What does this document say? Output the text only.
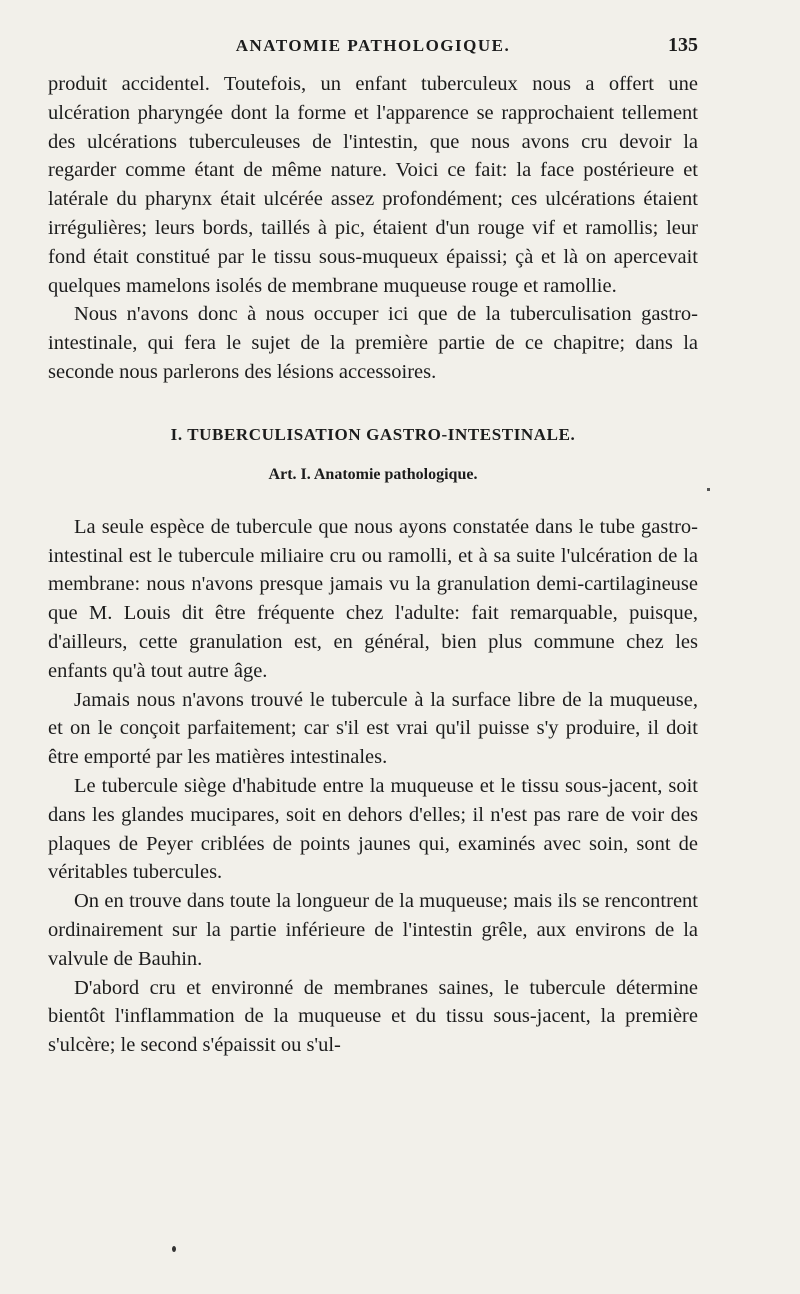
ANATOMIE PATHOLOGIQUE.	135

produit accidentel. Toutefois, un enfant tuberculeux nous a offert une ulcération pharyngée dont la forme et l'apparence se rapprochaient tellement des ulcérations tuberculeuses de l'intestin, que nous avons cru devoir la regarder comme étant de même nature. Voici ce fait: la face postérieure et latérale du pharynx était ulcérée assez profondément; ces ulcérations étaient irrégulières; leurs bords, taillés à pic, étaient d'un rouge vif et ramollis; leur fond était constitué par le tissu sous-muqueux épaissi; çà et là on apercevait quelques mamelons isolés de membrane muqueuse rouge et ramollie.

Nous n'avons donc à nous occuper ici que de la tuberculisation gastro-intestinale, qui fera le sujet de la première partie de ce chapitre; dans la seconde nous parlerons des lésions accessoires.

I. TUBERCULISATION GASTRO-INTESTINALE.
Art. I. Anatomie pathologique.

La seule espèce de tubercule que nous ayons constatée dans le tube gastro-intestinal est le tubercule miliaire cru ou ramolli, et à sa suite l'ulcération de la membrane: nous n'avons presque jamais vu la granulation demi-cartilagineuse que M. Louis dit être fréquente chez l'adulte: fait remarquable, puisque, d'ailleurs, cette granulation est, en général, bien plus commune chez les enfants qu'à tout autre âge.

Jamais nous n'avons trouvé le tubercule à la surface libre de la muqueuse, et on le conçoit parfaitement; car s'il est vrai qu'il puisse s'y produire, il doit être emporté par les matières intestinales.

Le tubercule siège d'habitude entre la muqueuse et le tissu sous-jacent, soit dans les glandes mucipares, soit en dehors d'elles; il n'est pas rare de voir des plaques de Peyer criblées de points jaunes qui, examinés avec soin, sont de véritables tubercules.

On en trouve dans toute la longueur de la muqueuse; mais ils se rencontrent ordinairement sur la partie inférieure de l'intestin grêle, aux environs de la valvule de Bauhin.

D'abord cru et environné de membranes saines, le tubercule détermine bientôt l'inflammation de la muqueuse et du tissu sous-jacent, la première s'ulcère; le second s'épaissit ou s'ul-
